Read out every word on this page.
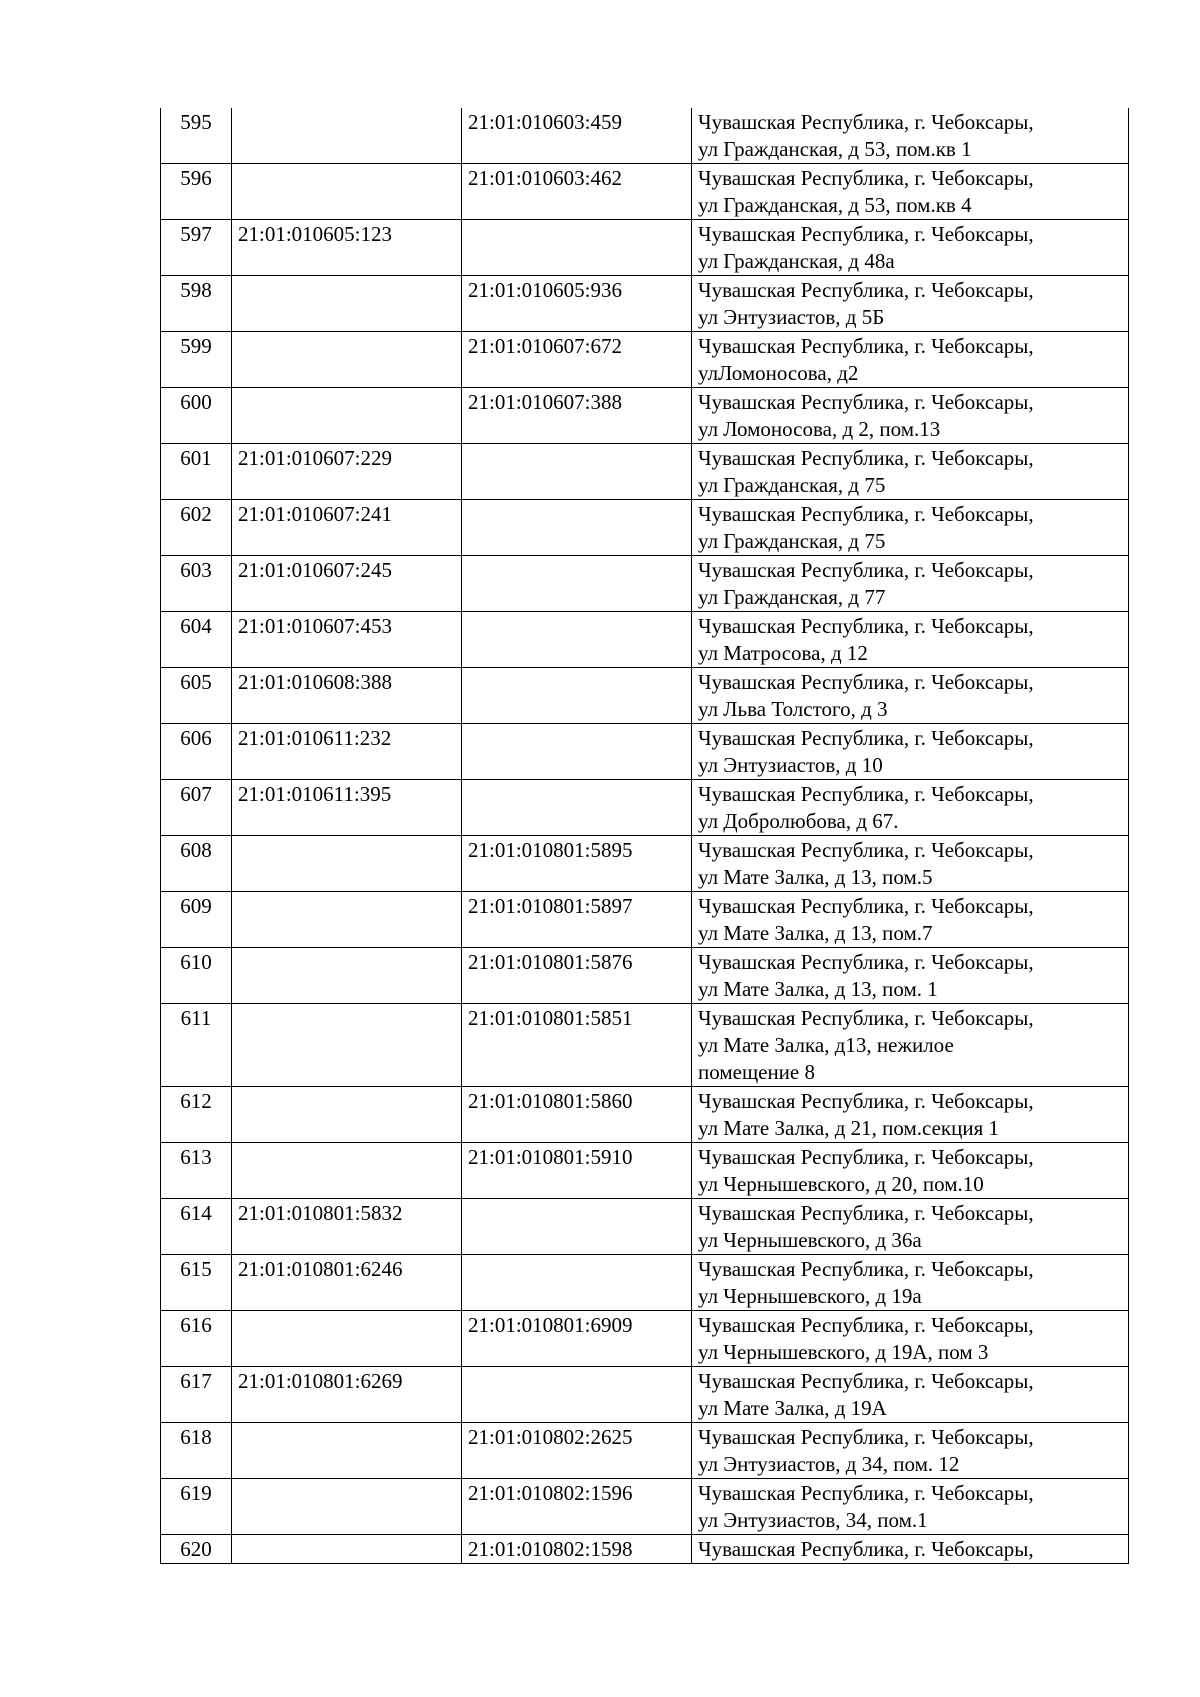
595		21:01:010603:459	Чувашская Республика, г. Чебоксары,
ул Гражданская, д 53, пом.кв 1

596		21:01:010603:462	Чувашская Республика, г. Чебоксары,
ул Гражданская, д 53, пом.кв 4

597	21:01:010605:123		Чувашская Республика, г. Чебоксары,
ул Гражданская, д 48а

598		21:01:010605:936	Чувашская Республика, г. Чебоксары,
ул Энтузиастов, д 5Б

599		21:01:010607:672	Чувашская Республика, г. Чебоксары,
улЛомоносова, д2

600		21:01:010607:388	Чувашская Республика, г. Чебоксары,
ул Ломоносова, д 2, пом.13

601	21:01:010607:229		Чувашская Республика, г. Чебоксары,
ул Гражданская, д 75

602	21:01:010607:241		Чувашская Республика, г. Чебоксары,
ул Гражданская, д 75

603	21:01:010607:245		Чувашская Республика, г. Чебоксары,
ул Гражданская, д 77

604	21:01:010607:453		Чувашская Республика, г. Чебоксары,
ул Матросова, д 12

605	21:01:010608:388		Чувашская Республика, г. Чебоксары,
ул Льва Толстого, д 3

606	21:01:010611:232		Чувашская Республика, г. Чебоксары,
ул Энтузиастов, д 10

607	21:01:010611:395		Чувашская Республика, г. Чебоксары,
ул Добролюбова, д 67.

608		21:01:010801:5895	Чувашская Республика, г. Чебоксары,
ул Мате Залка, д 13, пом.5

609		21:01:010801:5897	Чувашская Республика, г. Чебоксары,
ул Мате Залка, д 13, пом.7

610		21:01:010801:5876	Чувашская Республика, г. Чебоксары,
ул Мате Залка, д 13, пом. 1

611		21:01:010801:5851	Чувашская Республика, г. Чебоксары,
ул Мате Залка, д13, нежилое
помещение 8

612		21:01:010801:5860	Чувашская Республика, г. Чебоксары,
ул Мате Залка, д 21, пом.секция 1

613		21:01:010801:5910	Чувашская Республика, г. Чебоксары,
ул Чернышевского, д 20, пом.10

614	21:01:010801:5832		Чувашская Республика, г. Чебоксары,
ул Чернышевского, д 36а

615	21:01:010801:6246		Чувашская Республика, г. Чебоксары,
ул Чернышевского, д 19а

616		21:01:010801:6909	Чувашская Республика, г. Чебоксары,
ул Чернышевского, д 19А, пом 3

617	21:01:010801:6269		Чувашская Республика, г. Чебоксары,
ул Мате Залка, д 19А

618		21:01:010802:2625	Чувашская Республика, г. Чебоксары,
ул Энтузиастов, д 34, пом. 12

619		21:01:010802:1596	Чувашская Республика, г. Чебоксары,
ул Энтузиастов, 34, пом.1

620		21:01:010802:1598	Чувашская Республика, г. Чебоксары,
